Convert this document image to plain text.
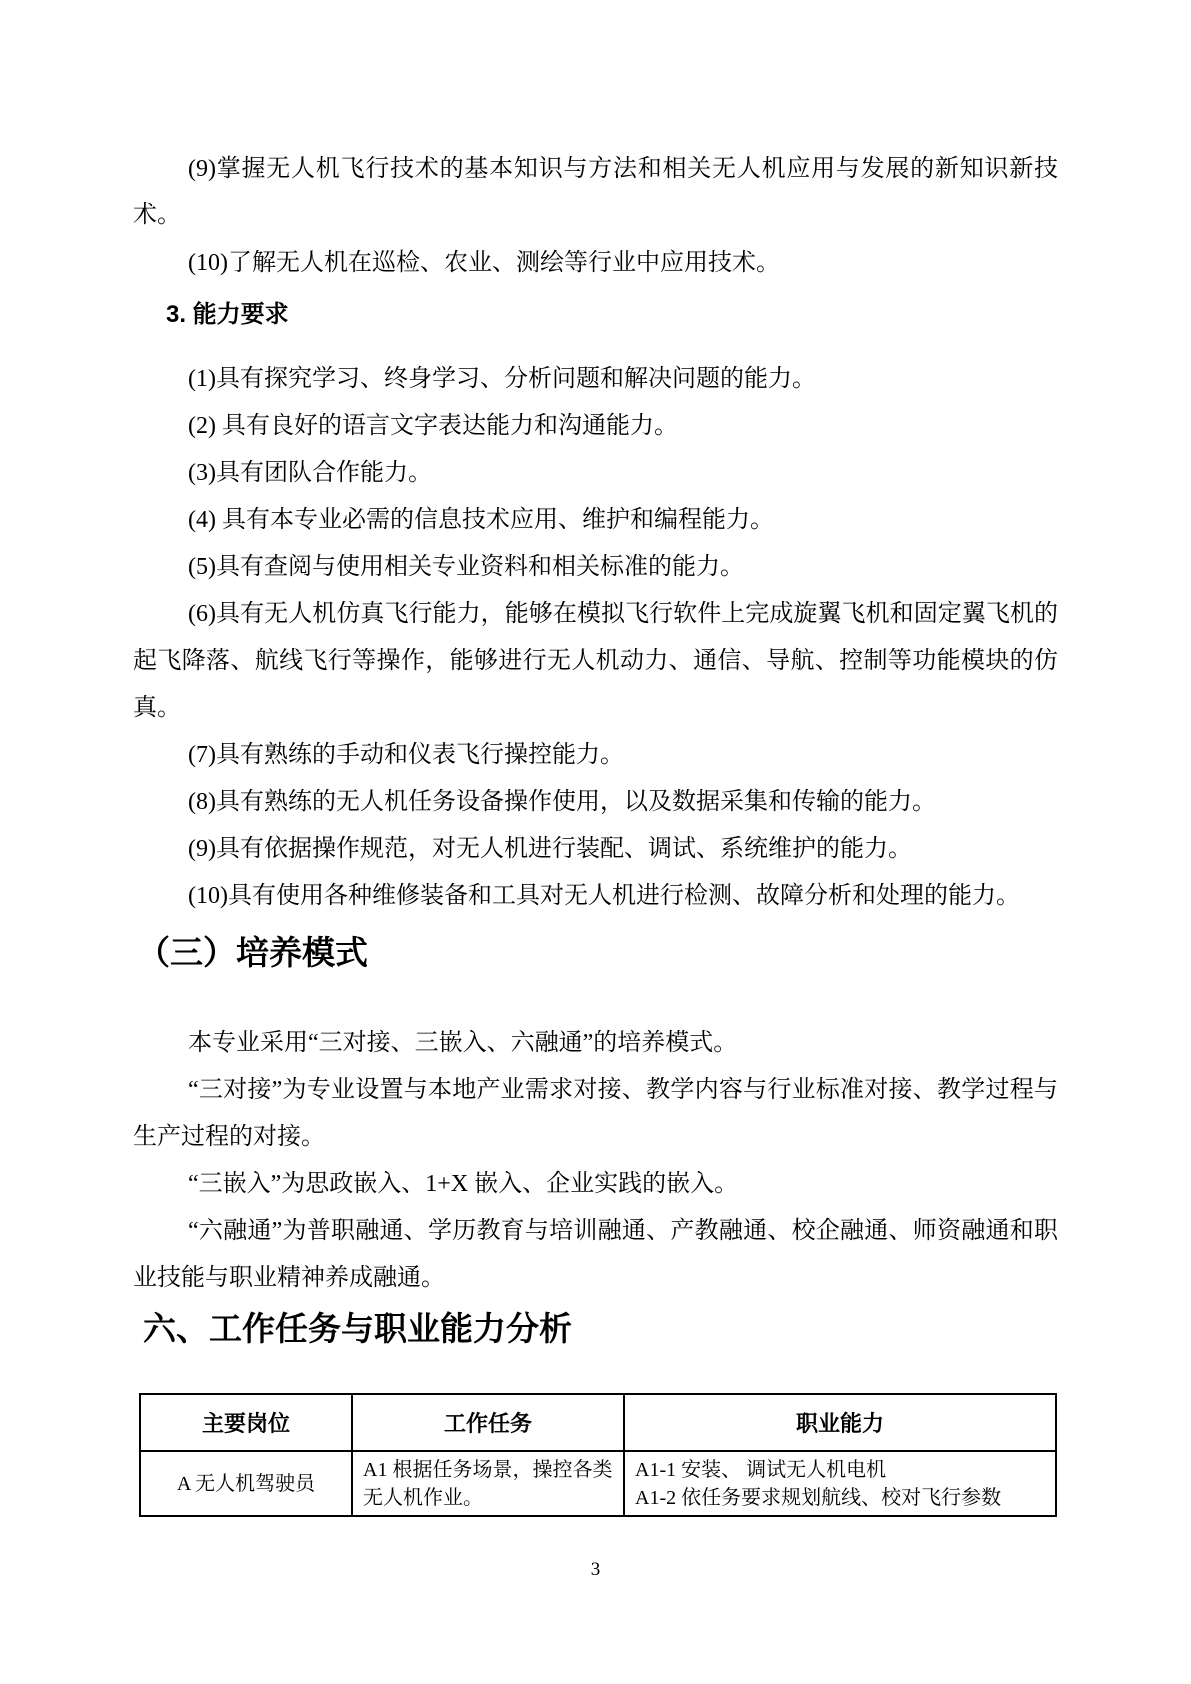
(9)掌握无人机飞行技术的基本知识与方法和相关无人机应用与发展的新知识新技术。

(10)了解无人机在巡检、农业、测绘等行业中应用技术。

3. 能力要求
(1)具有探究学习、终身学习、分析问题和解决问题的能力。
(2) 具有良好的语言文字表达能力和沟通能力。
(3)具有团队合作能力。
(4) 具有本专业必需的信息技术应用、维护和编程能力。
(5)具有查阅与使用相关专业资料和相关标准的能力。
(6)具有无人机仿真飞行能力，能够在模拟飞行软件上完成旋翼飞机和固定翼飞机的起飞降落、航线飞行等操作，能够进行无人机动力、通信、导航、控制等功能模块的仿真。
(7)具有熟练的手动和仪表飞行操控能力。
(8)具有熟练的无人机任务设备操作使用，以及数据采集和传输的能力。
(9)具有依据操作规范，对无人机进行装配、调试、系统维护的能力。
(10)具有使用各种维修装备和工具对无人机进行检测、故障分析和处理的能力。
（三）培养模式

本专业采用“三对接、三嵌入、六融通”的培养模式。

“三对接”为专业设置与本地产业需求对接、教学内容与行业标准对接、教学过程与生产过程的对接。

“三嵌入”为思政嵌入、1+X 嵌入、企业实践的嵌入。

“六融通”为普职融通、学历教育与培训融通、产教融通、校企融通、师资融通和职业技能与职业精神养成融通。

六、工作任务与职业能力分析
主要岗位	工作任务	职业能力
A 无人机驾驶员	A1 根据任务场景，操控各类无人机作业。	A1-1 安装、 调试无人机电机
A1-2 依任务要求规划航线、校对飞行参数
3
